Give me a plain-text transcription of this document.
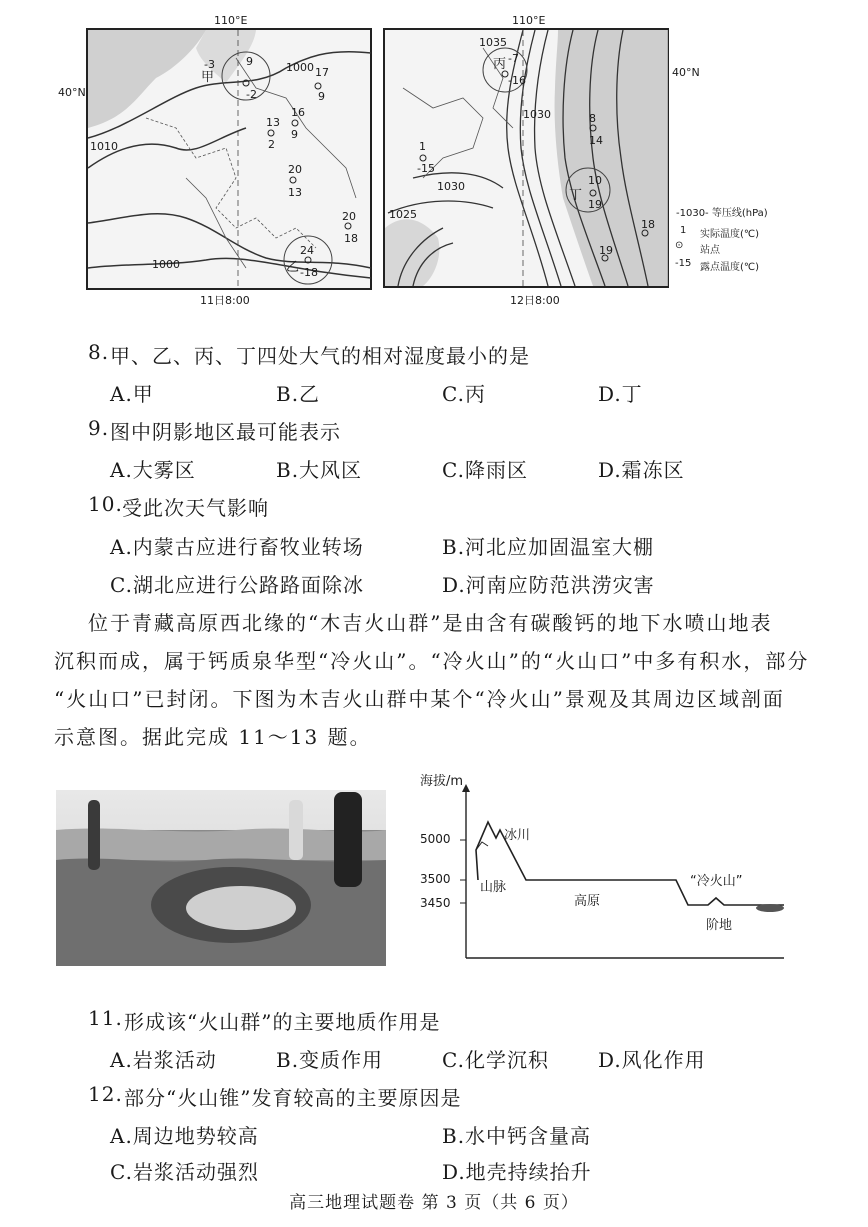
甲
9
-2
-3	1000 17
9
16
9
13
2
20
13
20
18
24
乙 -18
1010
1000
110°E
40°N
11日8:00
丙 -7
-16
1035
1030
1
-15
1030
1025
8
14
丁
10
19
18
19
110°E
40°N
12日8:00
-1030- 等压线(hPa)
1 实际温度(℃)
⊙ 站点
-15 露点温度(℃)
8. 甲、乙、丙、丁四处大气的相对湿度最小的是
A.甲	B.乙	C.丙	D.丁
9. 图中阴影地区最可能表示
A.大雾区	B.大风区	C.降雨区	D.霜冻区
10. 受此次天气影响
A.内蒙古应进行畜牧业转场	B.河北应加固温室大棚
C.湖北应进行公路路面除冰	D.河南应防范洪涝灾害
位于青藏高原西北缘的“木吉火山群”是由含有碳酸钙的地下水喷山地表
沉积而成，属于钙质泉华型“冷火山”。“冷火山”的“火山口”中多有积水，部分
“火山口”已封闭。下图为木吉火山群中某个“冷火山”景观及其周边区域剖面
示意图。据此完成 11～13 题。
海拔/m
5000
3500
3450
冰川
山脉
高原
“冷火山”
阶地
11. 形成该“火山群”的主要地质作用是
A.岩浆活动	B.变质作用	C.化学沉积 D.风化作用
12. 部分“火山锥”发育较高的主要原因是
A.周边地势较高	B.水中钙含量高
C.岩浆活动强烈	D.地壳持续抬升
高三地理试题卷 第 3 页（共 6 页）
